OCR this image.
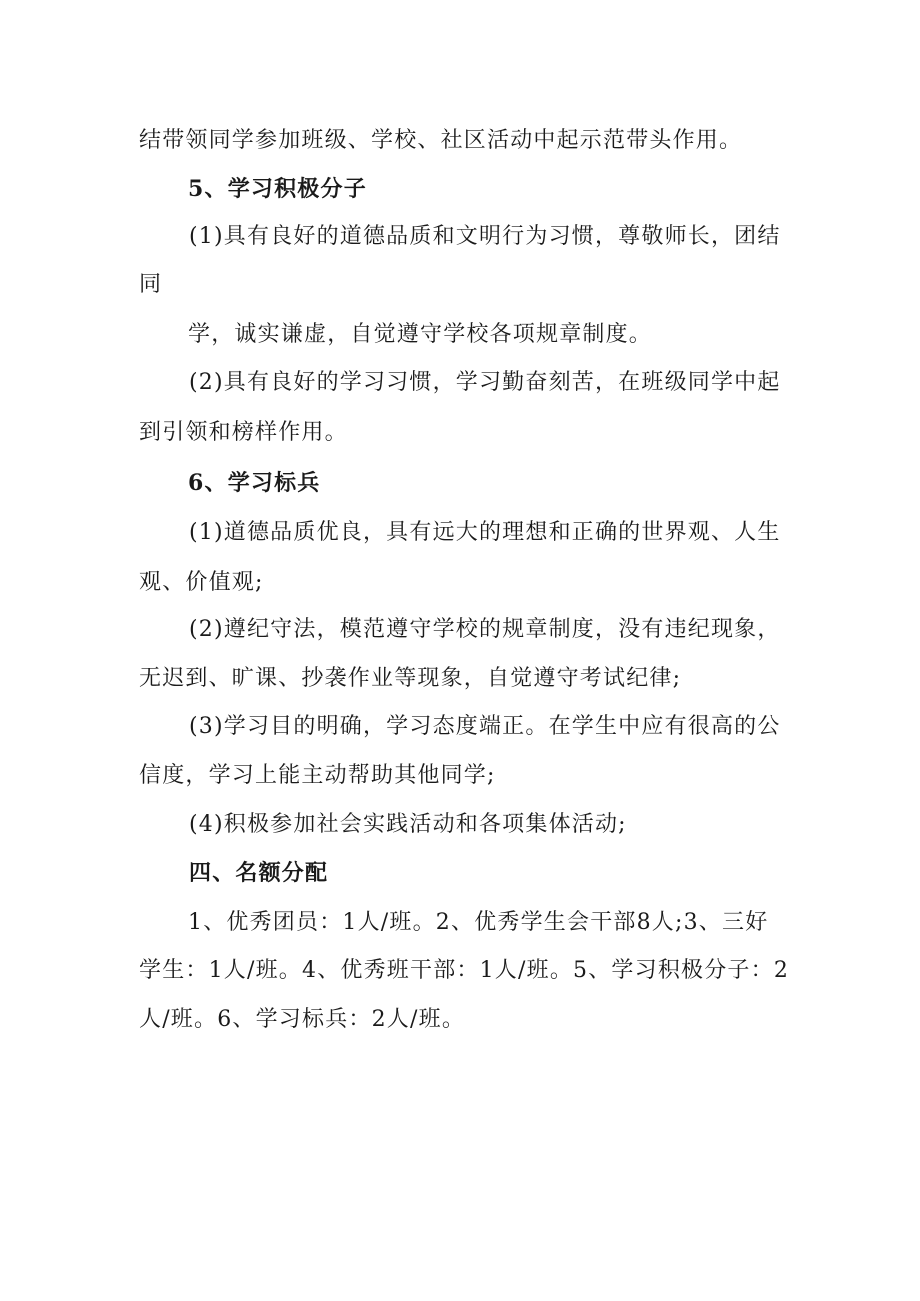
结带领同学参加班级、学校、社区活动中起示范带头作用。
5、学习积极分子
(1)具有良好的道德品质和文明行为习惯，尊敬师长，团结
同
学，诚实谦虚，自觉遵守学校各项规章制度。
(2)具有良好的学习习惯，学习勤奋刻苦，在班级同学中起
到引领和榜样作用。
6、学习标兵
(1)道德品质优良，具有远大的理想和正确的世界观、人生
观、价值观;
(2)遵纪守法，模范遵守学校的规章制度，没有违纪现象，
无迟到、旷课、抄袭作业等现象，自觉遵守考试纪律;
(3)学习目的明确，学习态度端正。在学生中应有很高的公
信度，学习上能主动帮助其他同学;
(4)积极参加社会实践活动和各项集体活动;
四、名额分配
1、优秀团员：1人/班。2、优秀学生会干部8人;3、三好
学生：1人/班。4、优秀班干部：1人/班。5、学习积极分子：2
人/班。6、学习标兵：2人/班。
